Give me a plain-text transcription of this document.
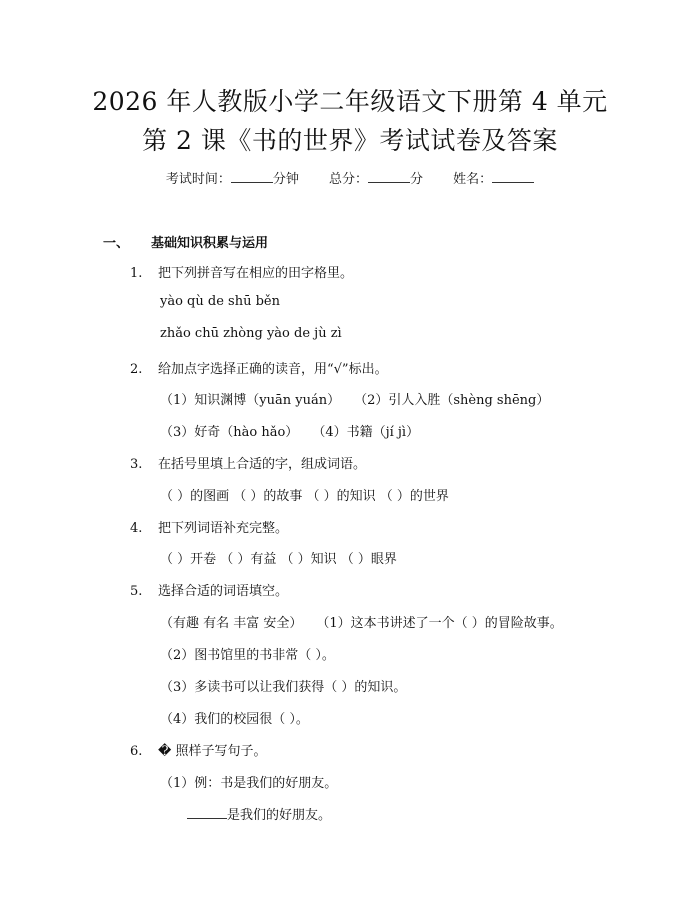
2026 年人教版小学二年级语文下册第 4 单元
第 2 课《书的世界》考试试卷及答案
考试时间：	分钟 总分：	分 姓名：
一、 基础知识积累与运用
1. 把下列拼音写在相应的田字格里。
yào qù de shū běn
zhǎo chū zhòng yào de jù zì
2. 给加点字选择正确的读音，用“√”标出。
（1）知识渊博（yuān yuán） （2）引人入胜（shèng shēng）
（3）好奇（hào hǎo） （4）书籍（jí jì）
3. 在括号里填上合适的字，组成词语。
（ ）的图画 （ ）的故事 （ ）的知识 （ ）的世界
4. 把下列词语补充完整。
（ ）开卷 （ ）有益 （ ）知识 （ ）眼界
5. 选择合适的词语填空。
（有趣 有名 丰富 安全） （1）这本书讲述了一个（ ）的冒险故事。
（2）图书馆里的书非常（ ）。
（3）多读书可以让我们获得（ ）的知识。
（4）我们的校园很（ ）。
6. � 照样子写句子。
（1）例：书是我们的好朋友。
是我们的好朋友。
